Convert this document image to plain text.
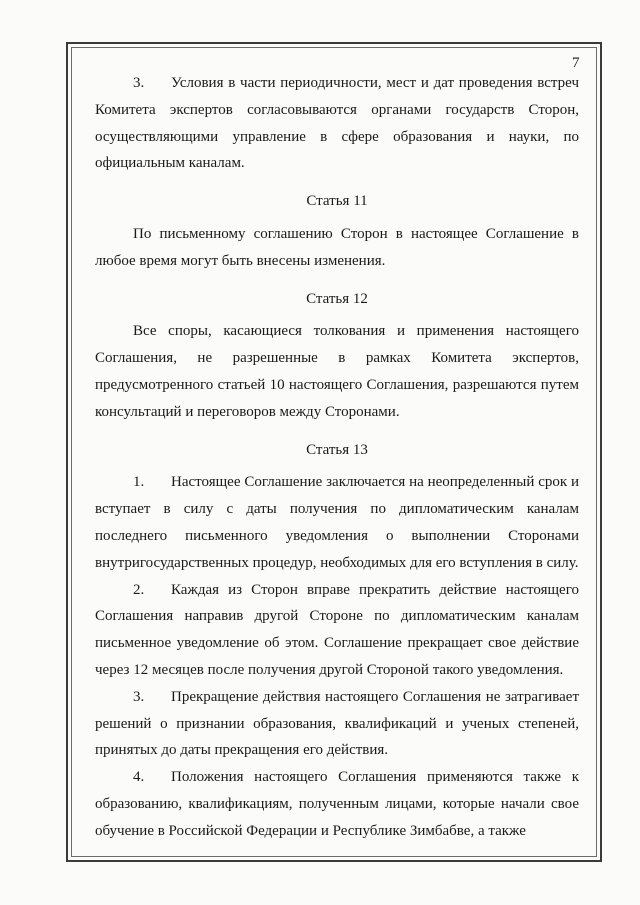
7

3. Условия в части периодичности, мест и дат проведения встреч Комитета экспертов согласовываются органами государств Сторон, осуществляющими управление в сфере образования и науки, по официальным каналам.

Статья 11

По письменному соглашению Сторон в настоящее Соглашение в любое время могут быть внесены изменения.

Статья 12

Все споры, касающиеся толкования и применения настоящего Соглашения, не разрешенные в рамках Комитета экспертов, предусмотренного статьей 10 настоящего Соглашения, разрешаются путем консультаций и переговоров между Сторонами.

Статья 13

1. Настоящее Соглашение заключается на неопределенный срок и вступает в силу с даты получения по дипломатическим каналам последнего письменного уведомления о выполнении Сторонами внутригосударственных процедур, необходимых для его вступления в силу.

2. Каждая из Сторон вправе прекратить действие настоящего Соглашения направив другой Стороне по дипломатическим каналам письменное уведомление об этом. Соглашение прекращает свое действие через 12 месяцев после получения другой Стороной такого уведомления.

3. Прекращение действия настоящего Соглашения не затрагивает решений о признании образования, квалификаций и ученых степеней, принятых до даты прекращения его действия.

4. Положения настоящего Соглашения применяются также к образованию, квалификациям, полученным лицами, которые начали свое обучение в Российской Федерации и Республике Зимбабве, а также
